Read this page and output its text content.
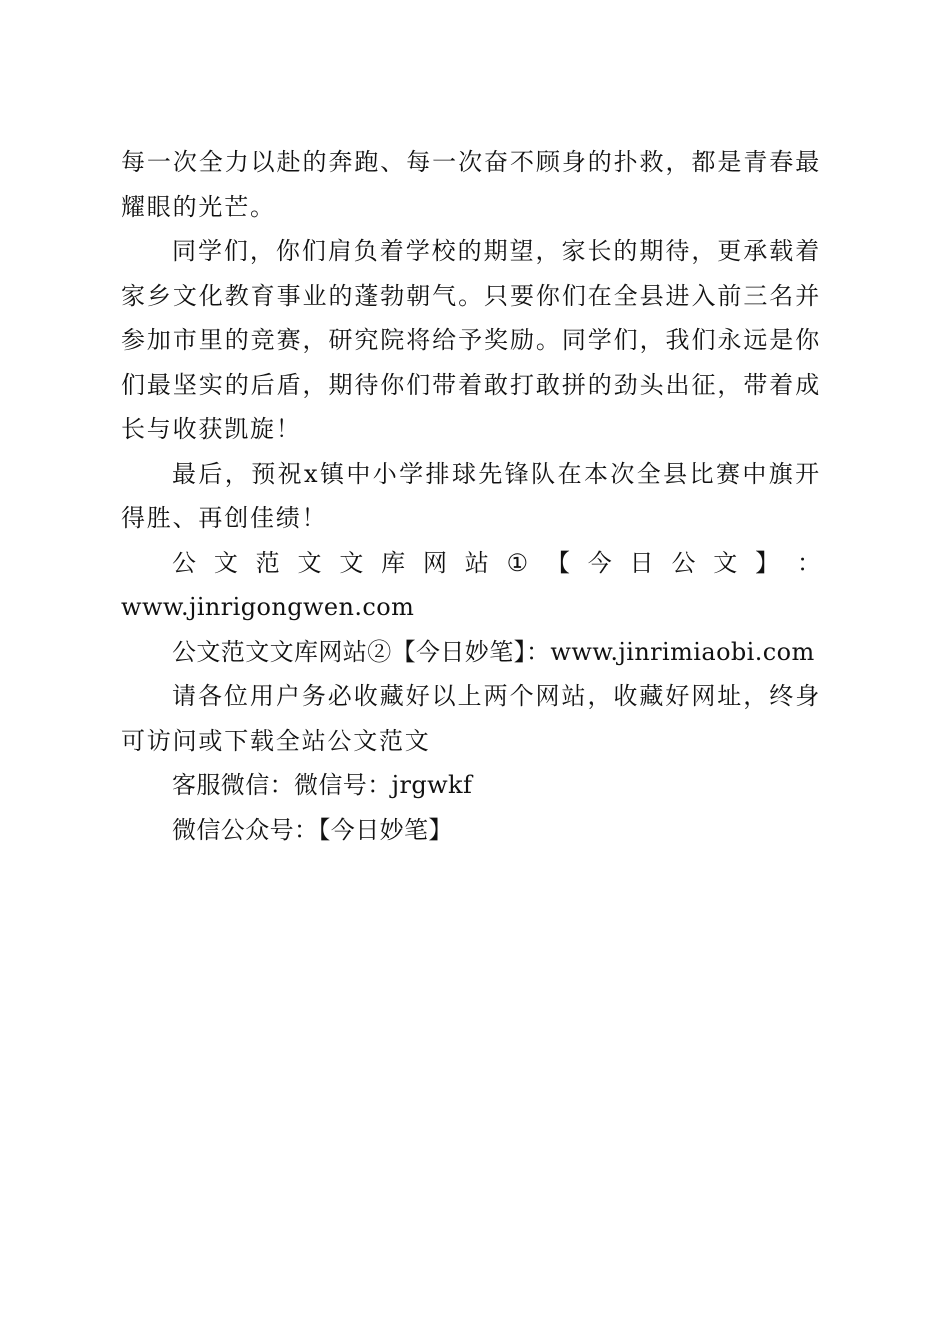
每一次全力以赴的奔跑、每一次奋不顾身的扑救，都是青春最耀眼的光芒。

同学们，你们肩负着学校的期望，家长的期待，更承载着家乡文化教育事业的蓬勃朝气。只要你们在全县进入前三名并参加市里的竞赛，研究院将给予奖励。同学们，我们永远是你们最坚实的后盾，期待你们带着敢打敢拼的劲头出征，带着成长与收获凯旋！

最后，预祝x镇中小学排球先锋队在本次全县比赛中旗开得胜、再创佳绩！

公 文 范 文 文 库 网 站 ① 【 今 日 公 文 】 ：
www.jinrigongwen.com
公文范文文库网站②【今日妙笔】：www.jinrimiaobi.com

请各位用户务必收藏好以上两个网站，收藏好网址，终身可访问或下载全站公文范文

客服微信：微信号：jrgwkf
微信公众号：【今日妙笔】
